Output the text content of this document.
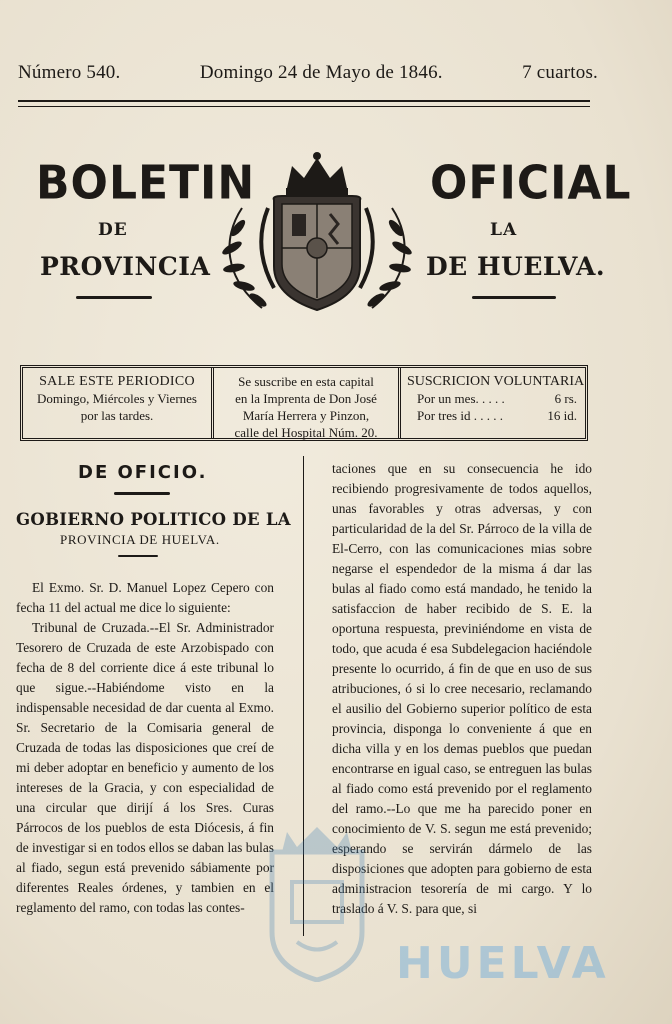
Número 540.	Domingo 24 de Mayo de 1846.	7 cuartos.
BOLETIN
DE
PROVINCIA
OFICIAL
LA
DE HUELVA.
SALE ESTE PERIODICO
Domingo, Miércoles y Viernes
por las tardes.
Se suscribe en esta capital
en la Imprenta de Don José
María Herrera y Pinzon,
calle del Hospital Núm. 20.
SUSCRICION VOLUNTARIA
Por un mes. . . . .	6 rs.
Por tres id . . . . .	16 id.
DE OFICIO.
GOBIERNO POLITICO DE LA
PROVINCIA DE HUELVA.

El Exmo. Sr. D. Manuel Lopez Cepero con fecha 11 del actual me dice lo siguiente:

Tribunal de Cruzada.--El Sr. Administrador Tesorero de Cruzada de este Arzobispado con fecha de 8 del corriente dice á este tribunal lo que sigue.--Habiéndome visto en la indispensable necesidad de dar cuenta al Exmo. Sr. Secretario de la Comisaria general de Cruzada de todas las disposiciones que creí de mi deber adoptar en beneficio y aumento de los intereses de la Gracia, y con especialidad de una circular que dirijí á los Sres. Curas Párrocos de los pueblos de esta Diócesis, á fin de investigar si en todos ellos se daban las bulas al fiado, segun está prevenido sábiamente por diferentes Reales órdenes, y tambien en el reglamento del ramo, con todas las contes-

taciones que en su consecuencia he ido recibiendo progresivamente de todos aquellos, unas favorables y otras adversas, y con particularidad de la del Sr. Párroco de la villa de El-Cerro, con las comunicaciones mias sobre negarse el espendedor de la misma á dar las bulas al fiado como está mandado, he tenido la satisfaccion de haber recibido de S. E. la oportuna respuesta, previniéndome en vista de todo, que acuda é esa Subdelegacion haciéndole presente lo ocurrido, á fin de que en uso de sus atribuciones, ó si lo cree necesario, reclamando el ausilio del Gobierno superior político de esta provincia, disponga lo conveniente á que en dicha villa y en los demas pueblos que puedan encontrarse en igual caso, se entreguen las bulas al fiado como está prevenido por el reglamento del ramo.--Lo que me ha parecido poner en conocimiento de V. S. segun me está prevenido; esperando se servirán dármelo de las disposiciones que adopten para gobierno de esta administracion tesorería de mi cargo. Y lo traslado á V. S. para que, si

HUELVA
